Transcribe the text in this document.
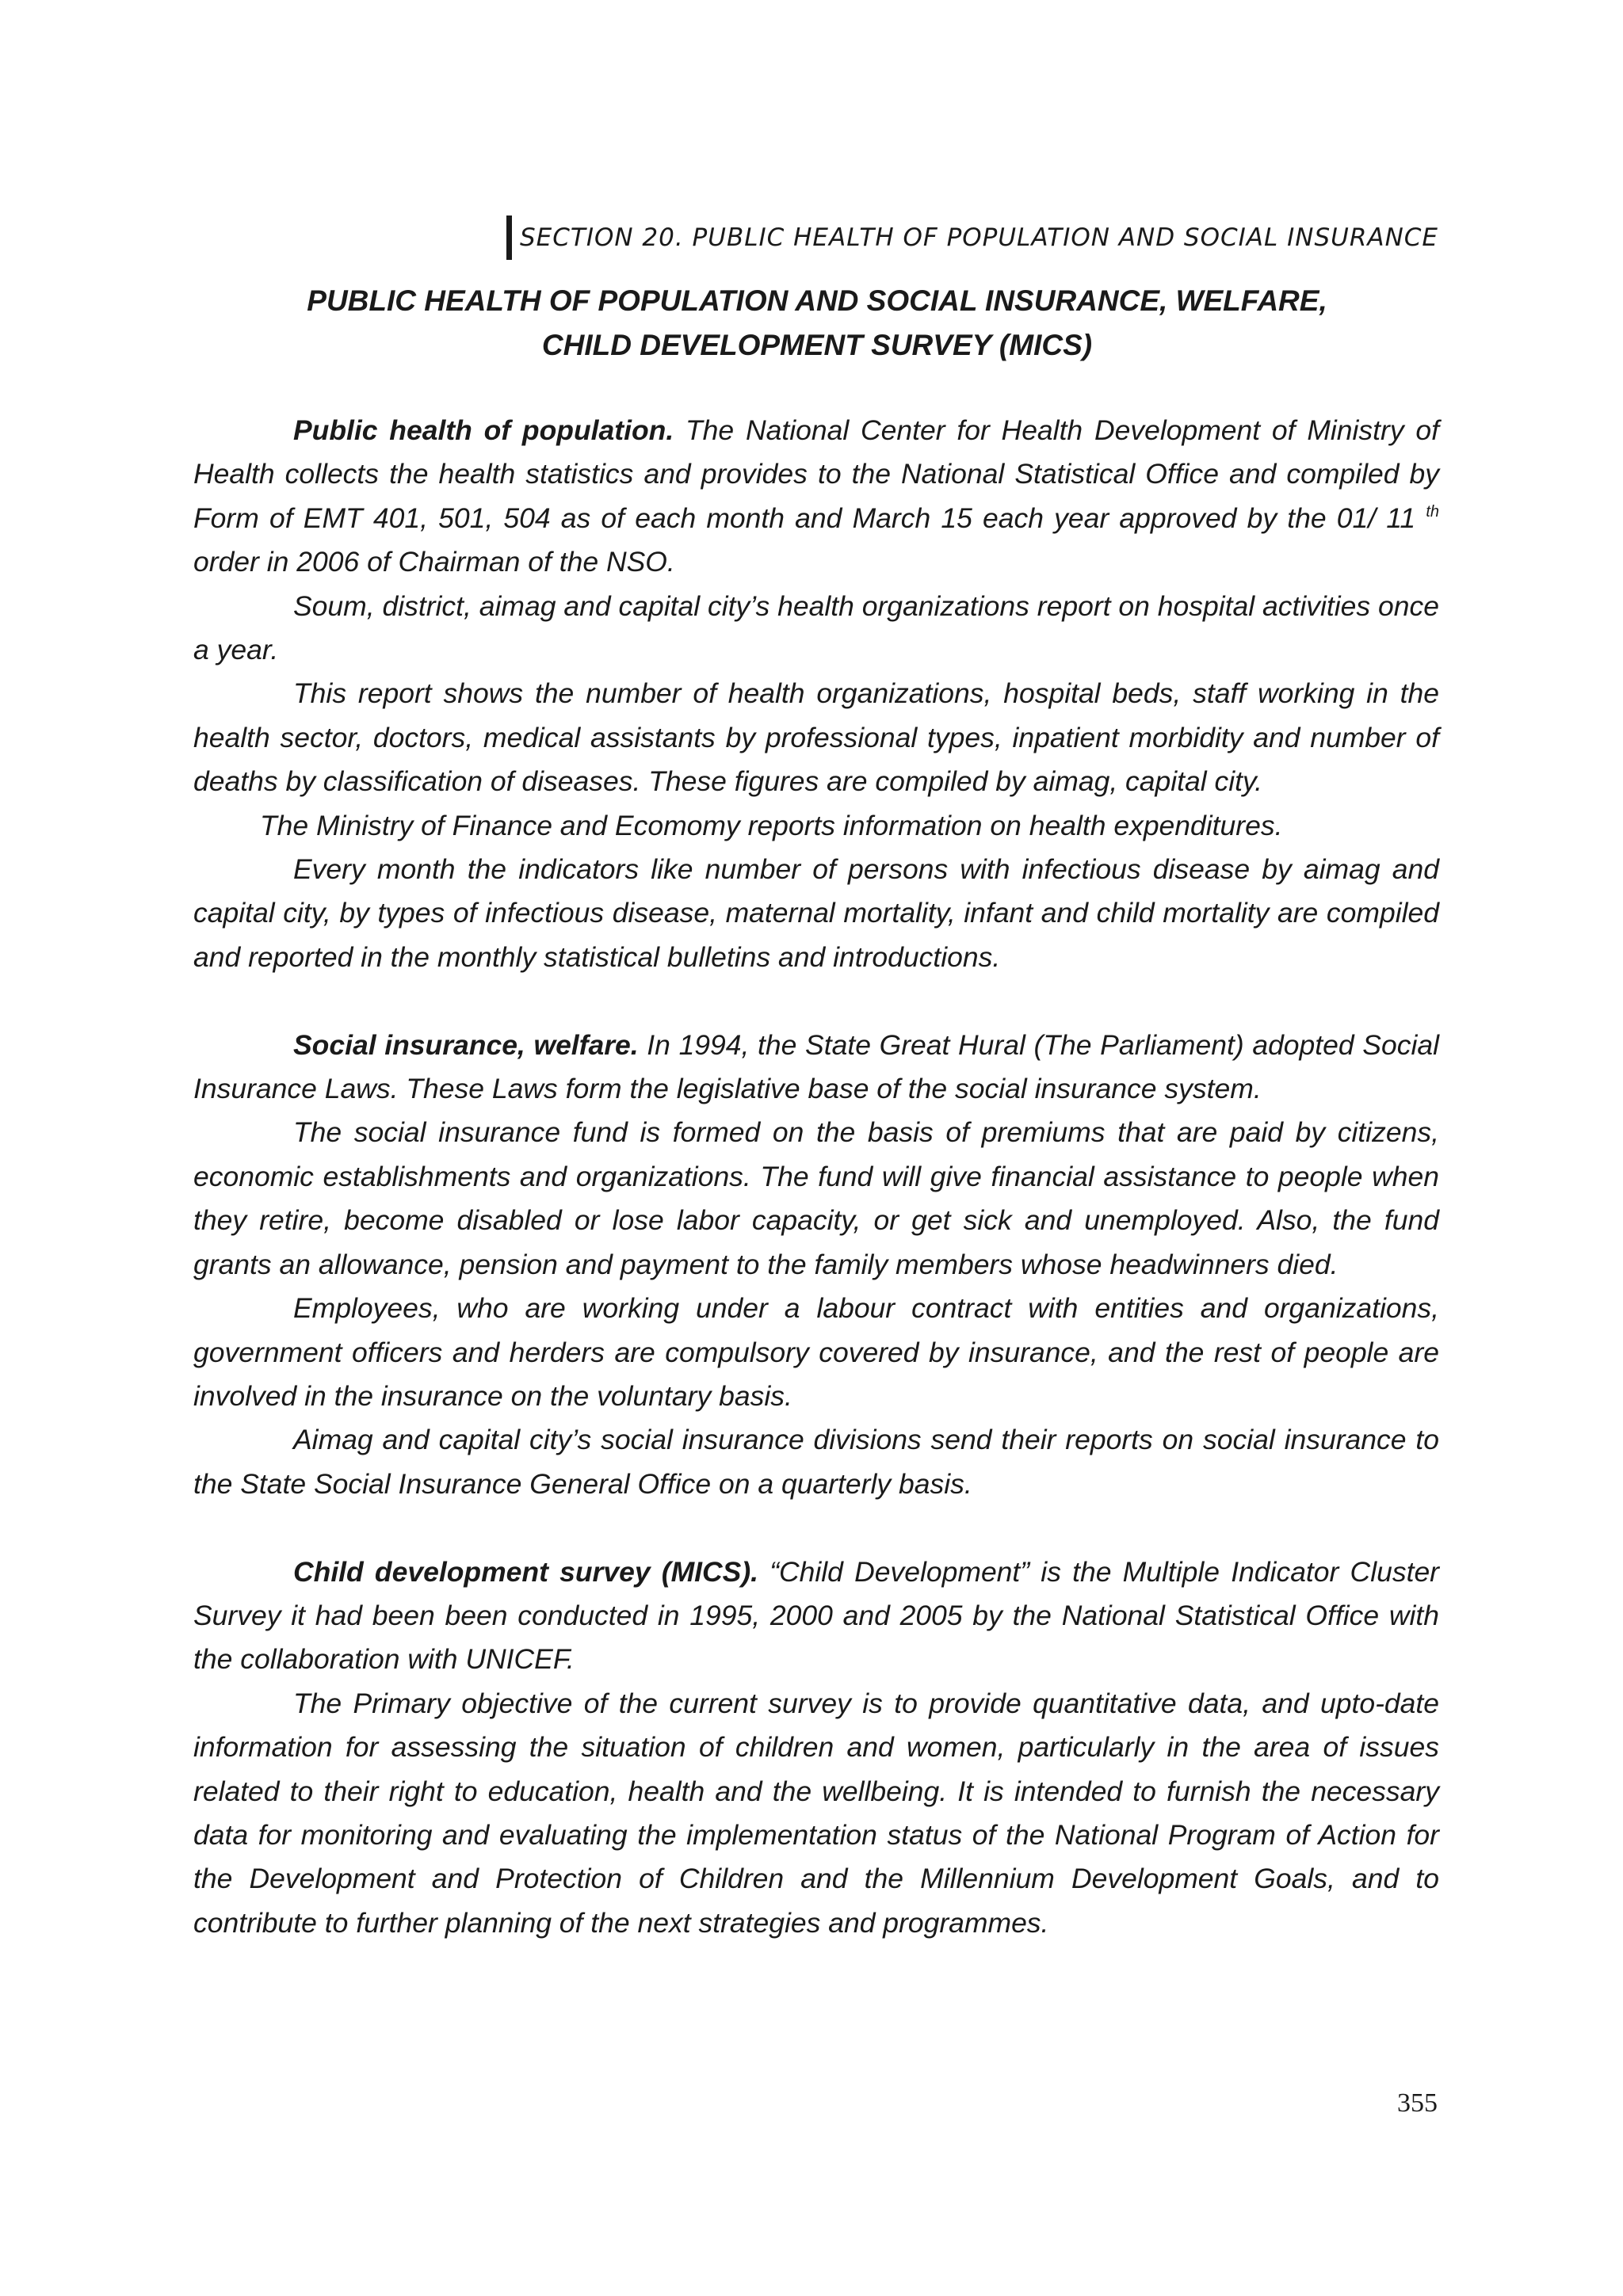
SECTION 20. PUBLIC HEALTH OF POPULATION AND SOCIAL INSURANCE
PUBLIC HEALTH OF POPULATION AND SOCIAL INSURANCE, WELFARE,
CHILD DEVELOPMENT SURVEY (MICS)

Public health of population. The National Center for Health Development of Ministry of Health collects the health statistics and provides to the National Statistical Office and compiled by Form of EMT 401, 501, 504 as of each month and March 15 each year approved by the 01/ 11 $^{th}$ order in 2006 of Chairman of the NSO.

Soum, district, aimag and capital city’s health organizations report on hospital activities once a year.

This report shows the number of health organizations, hospital beds, staff working in the health sector, doctors, medical assistants by professional types, inpatient morbidity and number of deaths by classification of diseases. These figures are compiled by aimag, capital city.

The Ministry of Finance and Ecomomy reports information on health expenditures.

Every month the indicators like number of persons with infectious disease by aimag and capital city, by types of infectious disease, maternal mortality, infant and child mortality are compiled and reported in the monthly statistical bulletins and introductions.

Social insurance, welfare. In 1994, the State Great Hural (The Parliament) adopted Social Insurance Laws. These Laws form the legislative base of the social insurance system.

The social insurance fund is formed on the basis of premiums that are paid by citizens, economic establishments and organizations. The fund will give financial assistance to people when they retire, become disabled or lose labor capacity, or get sick and unemployed. Also, the fund grants an allowance, pension and payment to the family members whose headwinners died.

Employees, who are working under a labour contract with entities and organizations, government officers and herders are compulsory covered by insurance, and the rest of people are involved in the insurance on the voluntary basis.

Aimag and capital city’s social insurance divisions send their reports on social insurance to the State Social Insurance General Office on a quarterly basis.

Child development survey (MICS). “Child Development” is the Multiple Indicator Cluster Survey it had been been conducted in 1995, 2000 and 2005 by the National Statistical Office with the collaboration with UNICEF.

The Primary objective of the current survey is to provide quantitative data, and upto-date information for assessing the situation of children and women, particularly in the area of issues related to their right to education, health and the wellbeing. It is intended to furnish the necessary data for monitoring and evaluating the implementation status of the National Program of Action for the Development and Protection of Children and the Millennium Development Goals, and to contribute to further planning of the next strategies and programmes.

355
